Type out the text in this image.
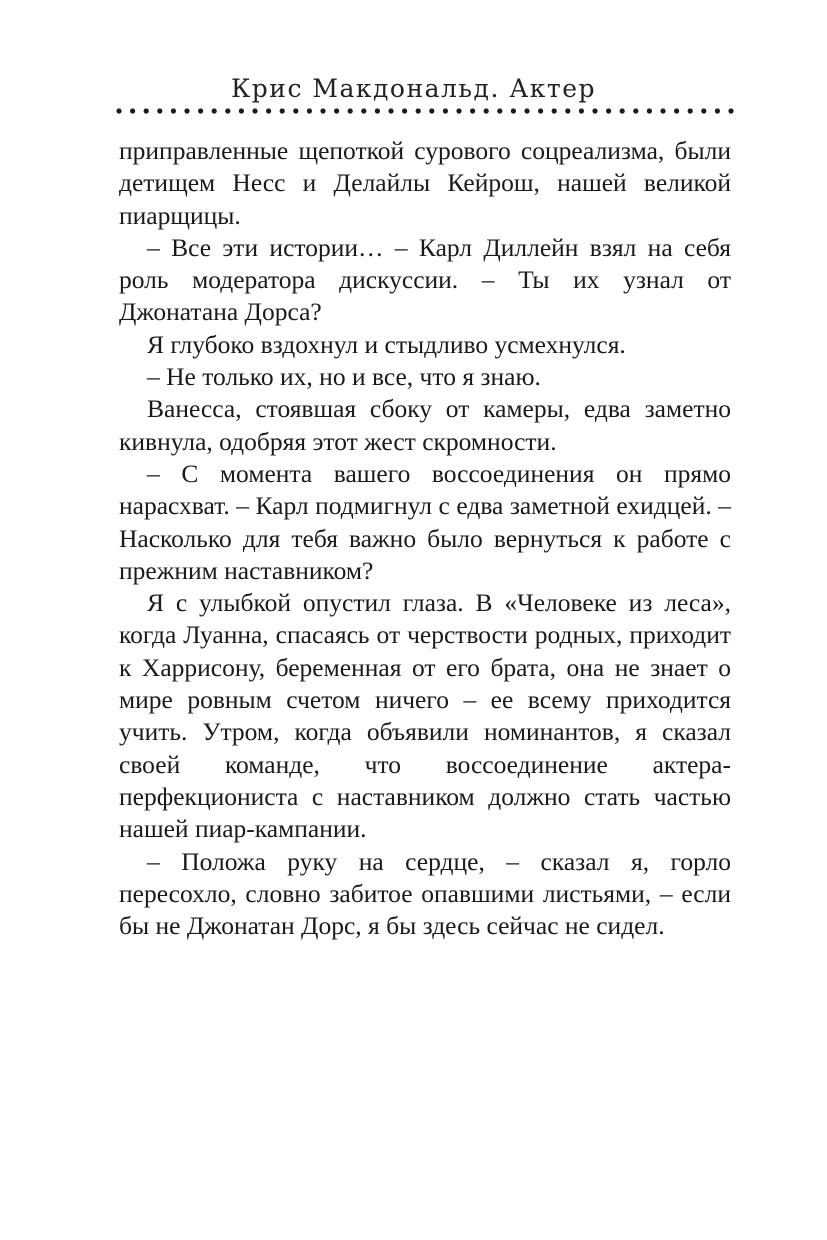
Крис Макдональд. Актер

приправленные щепоткой сурового соцреализма, были детищем Несс и Делайлы Кейрош, нашей великой пиарщицы.

– Все эти истории… – Карл Диллейн взял на себя роль модератора дискуссии. – Ты их узнал от Джонатана Дорса?

Я глубоко вздохнул и стыдливо усмехнулся.

– Не только их, но и все, что я знаю.

Ванесса, стоявшая сбоку от камеры, едва заметно кивнула, одобряя этот жест скромности.

– С момента вашего воссоединения он прямо нарасхват. – Карл подмигнул с едва заметной ехидцей. – Насколько для тебя важно было вернуться к работе с прежним наставником?

Я с улыбкой опустил глаза. В «Человеке из леса», когда Луанна, спасаясь от черствости родных, приходит к Харрисону, беременная от его брата, она не знает о мире ровным счетом ничего – ее всему приходится учить. Утром, когда объявили номинантов, я сказал своей команде, что воссоединение актера-перфекциониста с наставником должно стать частью нашей пиар-кампании.

– Положа руку на сердце, – сказал я, горло пересохло, словно забитое опавшими листьями, – если бы не Джонатан Дорс, я бы здесь сейчас не сидел.
